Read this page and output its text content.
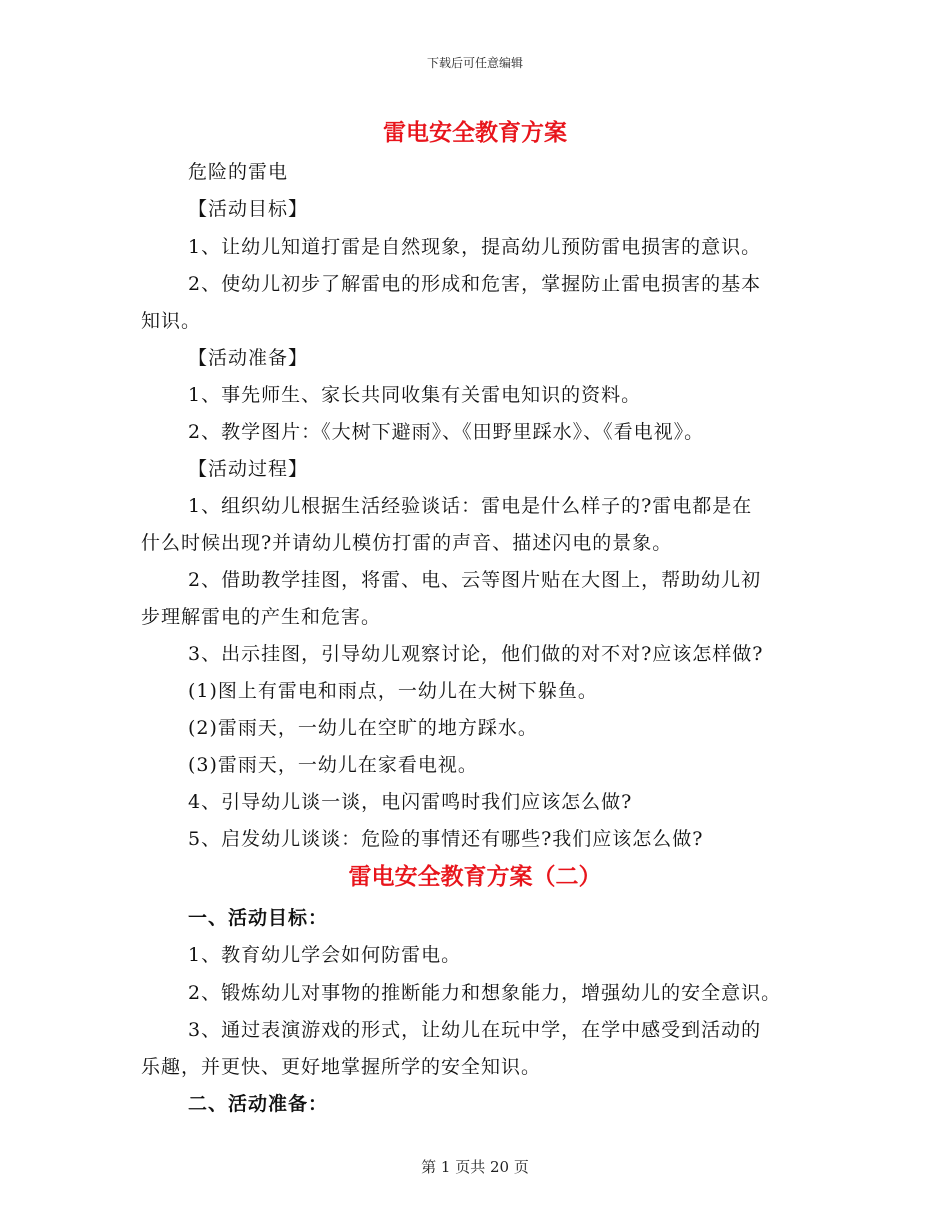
下载后可任意编辑
雷电安全教育方案
危险的雷电
【活动目标】
1、让幼儿知道打雷是自然现象，提高幼儿预防雷电损害的意识。
2、使幼儿初步了解雷电的形成和危害，掌握防止雷电损害的基本
知识。
【活动准备】
1、事先师生、家长共同收集有关雷电知识的资料。
2、教学图片：《大树下避雨》、《田野里踩水》、《看电视》。
【活动过程】
1、组织幼儿根据生活经验谈话：雷电是什么样子的?雷电都是在
什么时候出现?并请幼儿模仿打雷的声音、描述闪电的景象。
2、借助教学挂图，将雷、电、云等图片贴在大图上，帮助幼儿初
步理解雷电的产生和危害。
3、出示挂图，引导幼儿观察讨论，他们做的对不对?应该怎样做?
(1)图上有雷电和雨点，一幼儿在大树下躲鱼。
(2)雷雨天，一幼儿在空旷的地方踩水。
(3)雷雨天，一幼儿在家看电视。
4、引导幼儿谈一谈，电闪雷鸣时我们应该怎么做?
5、启发幼儿谈谈：危险的事情还有哪些?我们应该怎么做?
雷电安全教育方案（二）
一、活动目标：
1、教育幼儿学会如何防雷电。
2、锻炼幼儿对事物的推断能力和想象能力，增强幼儿的安全意识。
3、通过表演游戏的形式，让幼儿在玩中学，在学中感受到活动的
乐趣，并更快、更好地掌握所学的安全知识。
二、活动准备：
第 1 页共 20 页
